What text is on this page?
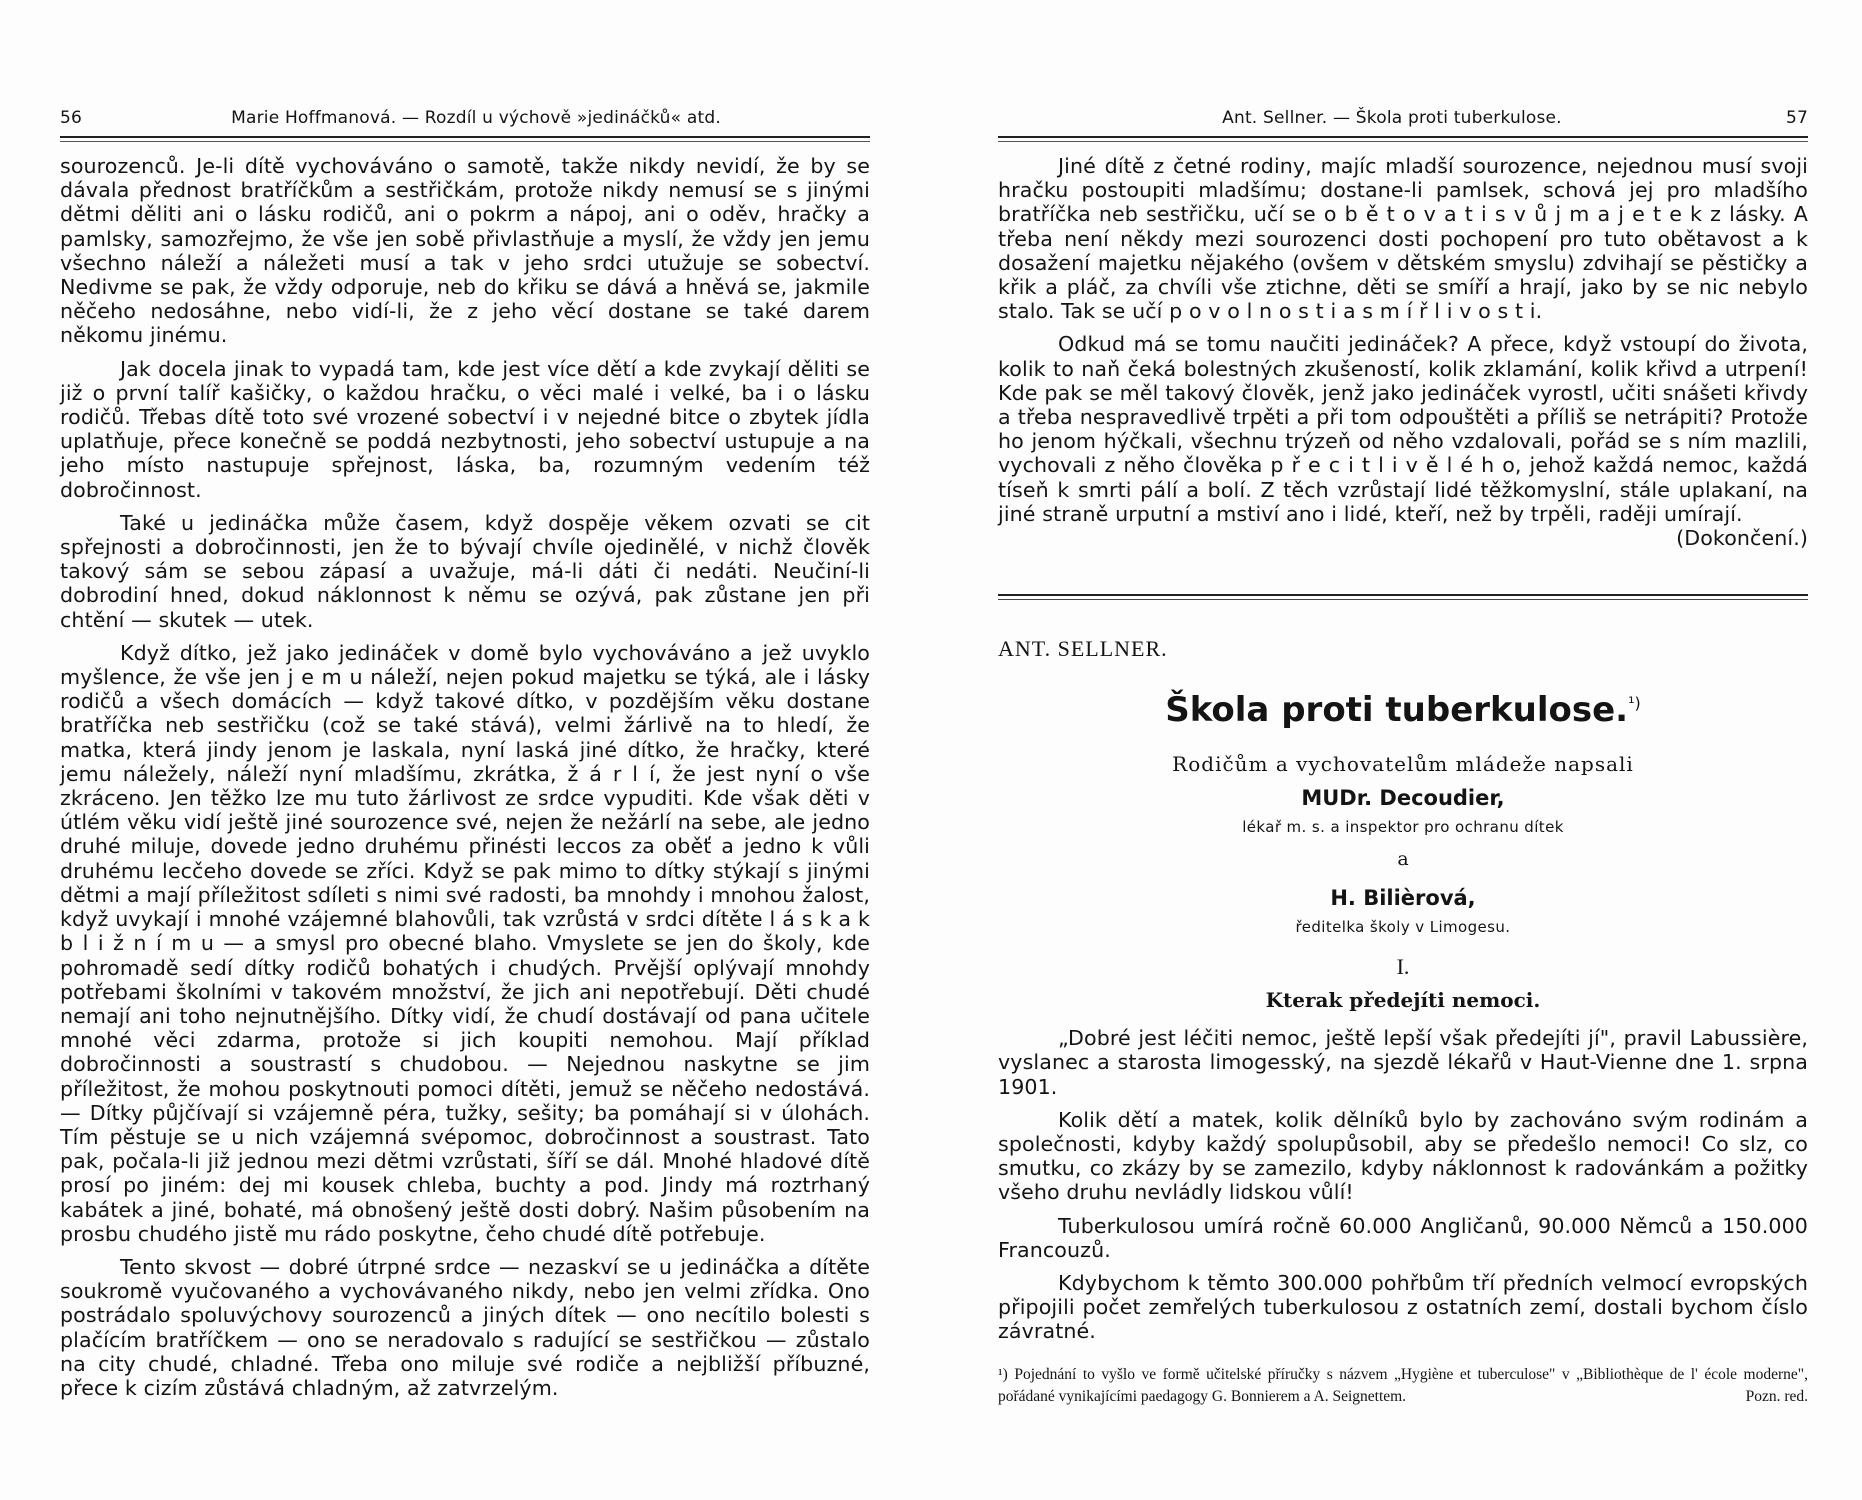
56	Marie Hoffmanová. — Rozdíl u výchově »jedináčků« atd.

sourozenců. Je-li dítě vychováváno o samotě, takže nikdy nevidí, že by se dávala přednost bratříčkům a sestřičkám, protože nikdy nemusí se s jinými dětmi děliti ani o lásku rodičů, ani o pokrm a nápoj, ani o oděv, hračky a pamlsky, samozřejmo, že vše jen sobě přivlastňuje a myslí, že vždy jen jemu všechno náleží a náležeti musí a tak v jeho srdci utužuje se sobectví. Nedivme se pak, že vždy odporuje, neb do křiku se dává a hněvá se, jakmile něčeho nedosáhne, nebo vidí-li, že z jeho věcí dostane se také darem někomu jinému.

Jak docela jinak to vypadá tam, kde jest více dětí a kde zvykají děliti se již o první talíř kašičky, o každou hračku, o věci malé i velké, ba i o lásku rodičů. Třebas dítě toto své vrozené sobectví i v nejedné bitce o zbytek jídla uplatňuje, přece konečně se poddá nezbytnosti, jeho sobectví ustupuje a na jeho místo nastupuje spřejnost, láska, ba, rozumným vedením též dobročinnost.

Také u jedináčka může časem, když dospěje věkem ozvati se cit spřejnosti a dobročinnosti, jen že to bývají chvíle ojedinělé, v nichž člověk takový sám se sebou zápasí a uvažuje, má-li dáti či nedáti. Neučiní-li dobrodiní hned, dokud náklonnost k němu se ozývá, pak zůstane jen při chtění — skutek — utek.

Když dítko, jež jako jedináček v domě bylo vychováváno a jež uvyklo myšlence, že vše jen j e m u náleží, nejen pokud majetku se týká, ale i lásky rodičů a všech domácích — když takové dítko, v pozdějším věku dostane bratříčka neb sestřičku (což se také stává), velmi žárlivě na to hledí, že matka, která jindy jenom je laskala, nyní laská jiné dítko, že hračky, které jemu náležely, náleží nyní mladšímu, zkrátka, ž á r l í, že jest nyní o vše zkráceno. Jen těžko lze mu tuto žárlivost ze srdce vypuditi. Kde však děti v útlém věku vidí ještě jiné sourozence své, nejen že nežárlí na sebe, ale jedno druhé miluje, dovede jedno druhému přinésti leccos za oběť a jedno k vůli druhému lecčeho dovede se zříci. Když se pak mimo to dítky stýkají s jinými dětmi a mají příležitost sdíleti s nimi své radosti, ba mnohdy i mnohou žalost, když uvykají i mnohé vzájemné blahovůli, tak vzrůstá v srdci dítěte l á s k a k b l i ž n í m u — a smysl pro obecné blaho. Vmyslete se jen do školy, kde pohromadě sedí dítky rodičů bohatých i chudých. Prvější oplývají mnohdy potřebami školními v takovém množství, že jich ani nepotřebují. Děti chudé nemají ani toho nejnutnějšího. Dítky vidí, že chudí dostávají od pana učitele mnohé věci zdarma, protože si jich koupiti nemohou. Mají příklad dobročinnosti a soustrastí s chudobou. — Nejednou naskytne se jim příležitost, že mohou poskytnouti pomoci dítěti, jemuž se něčeho nedostává. — Dítky půjčívají si vzájemně péra, tužky, sešity; ba pomáhají si v úlohách. Tím pěstuje se u nich vzájemná svépomoc, dobročinnost a soustrast. Tato pak, počala-li již jednou mezi dětmi vzrůstati, šíří se dál. Mnohé hladové dítě prosí po jiném: dej mi kousek chleba, buchty a pod. Jindy má roztrhaný kabátek a jiné, bohaté, má obnošený ještě dosti dobrý. Našim působením na prosbu chudého jistě mu rádo poskytne, čeho chudé dítě potřebuje.

Tento skvost — dobré útrpné srdce — nezaskví se u jedináčka a dítěte soukromě vyučovaného a vychovávaného nikdy, nebo jen velmi zřídka. Ono postrádalo spoluvýchovy sourozenců a jiných dítek — ono necítilo bolesti s plačícím bratříčkem — ono se neradovalo s radující se sestřičkou — zůstalo na city chudé, chladné. Třeba ono miluje své rodiče a nejbližší příbuzné, přece k cizím zůstává chladným, až zatvrzelým.

Ant. Sellner. — Škola proti tuberkulose.	57

Jiné dítě z četné rodiny, majíc mladší sourozence, nejednou musí svoji hračku postoupiti mladšímu; dostane-li pamlsek, schová jej pro mladšího bratříčka neb sestřičku, učí se o b ě t o v a t i s v ů j m a j e t e k z lásky. A třeba není někdy mezi sourozenci dosti pochopení pro tuto obětavost a k dosažení majetku nějakého (ovšem v dětském smyslu) zdvihají se pěstičky a křik a pláč, za chvíli vše ztichne, děti se smíří a hrají, jako by se nic nebylo stalo. Tak se učí p o v o l n o s t i a s m í ř l i v o s t i.

Odkud má se tomu naučiti jedináček? A přece, když vstoupí do života, kolik to naň čeká bolestných zkušeností, kolik zklamání, kolik křivd a utrpení! Kde pak se měl takový člověk, jenž jako jedináček vyrostl, učiti snášeti křivdy a třeba nespravedlivě trpěti a při tom odpouštěti a příliš se netrápiti? Protože ho jenom hýčkali, všechnu trýzeň od něho vzdalovali, pořád se s ním mazlili, vychovali z něho člověka p ř e c i t l i v ě l é h o, jehož každá nemoc, každá tíseň k smrti pálí a bolí. Z těch vzrůstají lidé těžkomyslní, stále uplakaní, na jiné straně urputní a mstiví ano i lidé, kteří, než by trpěli, raději umírají.

(Dokončení.)
ANT. SELLNER.
Škola proti tuberkulose.$^{^1)}$
Rodičům a vychovatelům mládeže napsali
MUDr. Decoudier,
lékař m. s. a inspektor pro ochranu dítek
a
H. Bilièrová,
ředitelka školy v Limogesu.
I.
Kterak předejíti nemoci.

„Dobré jest léčiti nemoc, ještě lepší však předejíti jí", pravil Labussière, vyslanec a starosta limogesský, na sjezdě lékařů v Haut-Vienne dne 1. srpna 1901.

Kolik dětí a matek, kolik dělníků bylo by zachováno svým rodinám a společnosti, kdyby každý spolupůsobil, aby se předešlo nemoci! Co slz, co smutku, co zkázy by se zamezilo, kdyby náklonnost k radovánkám a požitky všeho druhu nevládly lidskou vůlí!

Tuberkulosou umírá ročně 60.000 Angličanů, 90.000 Němců a 150.000 Francouzů.

Kdybychom k těmto 300.000 pohřbům tří předních velmocí evropských připojili počet zemřelých tuberkulosou z ostatních zemí, dostali bychom číslo závratné.

¹) Pojednání to vyšlo ve formě učitelské příručky s názvem „Hygiène et tuberculose" v „Bibliothèque de l' école moderne", pořádané vynikajícími paedagogy G. Bonnierem a A. Seignettem.	Pozn. red.
